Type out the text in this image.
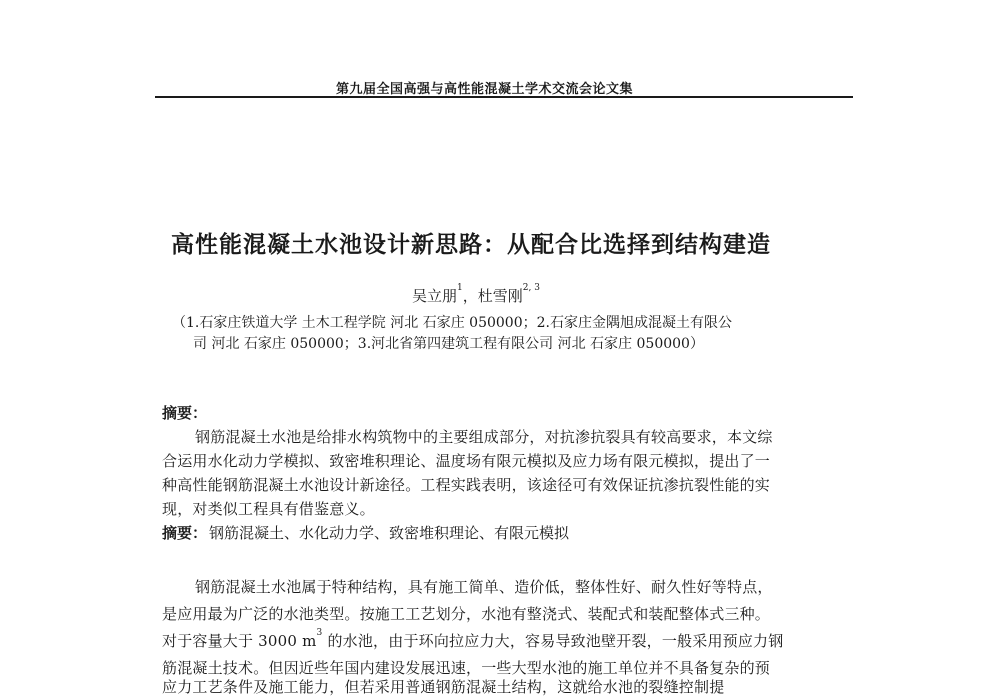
第九届全国高强与高性能混凝土学术交流会论文集
高性能混凝土水池设计新思路：从配合比选择到结构建造
吴立朋$^1$，杜雪刚$^{2, 3}$
（1.石家庄铁道大学 土木工程学院 河北 石家庄 050000；2.石家庄金隅旭成混凝土有限公
司 河北 石家庄 050000；3.河北省第四建筑工程有限公司 河北 石家庄 050000）
摘要：
钢筋混凝土水池是给排水构筑物中的主要组成部分，对抗渗抗裂具有较高要求，本文综
合运用水化动力学模拟、致密堆积理论、温度场有限元模拟及应力场有限元模拟，提出了一
种高性能钢筋混凝土水池设计新途径。工程实践表明，该途径可有效保证抗渗抗裂性能的实
现，对类似工程具有借鉴意义。
摘要： 钢筋混凝土、水化动力学、致密堆积理论、有限元模拟
钢筋混凝土水池属于特种结构，具有施工简单、造价低，整体性好、耐久性好等特点，
是应用最为广泛的水池类型。按施工工艺划分，水池有整浇式、装配式和装配整体式三种。
对于容量大于 3000 $m^3$ 的水池，由于环向拉应力大，容易导致池壁开裂，一般采用预应力钢
筋混凝土技术。但因近些年国内建设发展迅速，一些大型水池的施工单位并不具备复杂的预
应力工艺条件及施工能力，但若采用普通钢筋混凝土结构，这就给水池的裂缝控制提
